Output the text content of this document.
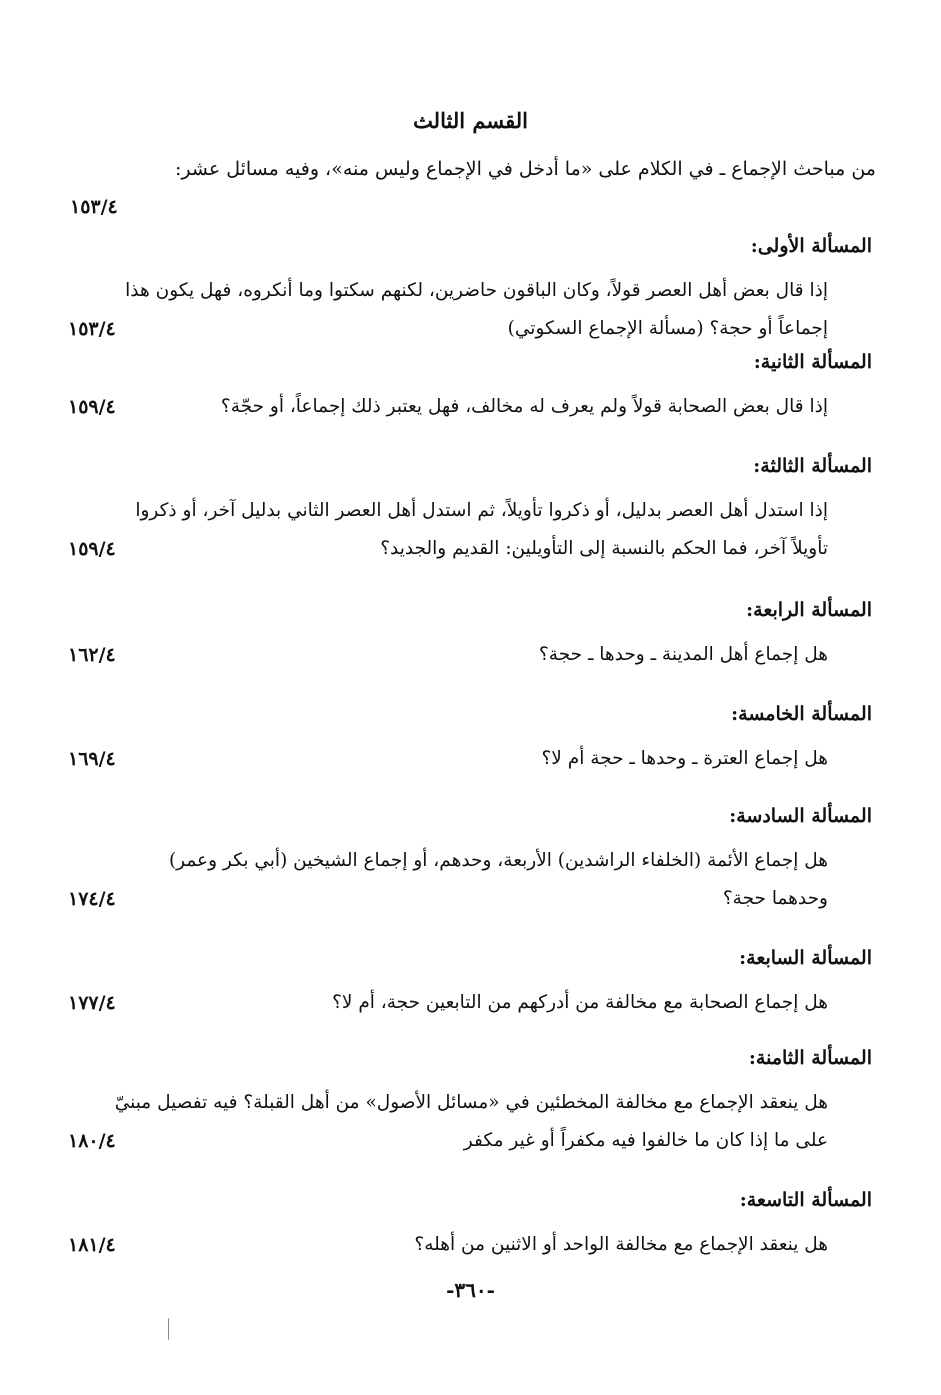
القسم الثالث
من مباحث الإجماع ـ في الكلام على «ما أدخل في الإجماع وليس منه»، وفيه مسائل عشر:
١٥٣/٤
المسألة الأولى:
إذا قال بعض أهل العصر قولاً، وكان الباقون حاضرين، لكنهم سكتوا وما أنكروه، فهل يكون هذا إجماعاً أو حجة؟ (مسألة الإجماع السكوتي)
١٥٣/٤
المسألة الثانية:
إذا قال بعض الصحابة قولاً ولم يعرف له مخالف، فهل يعتبر ذلك إجماعاً، أو حجّة؟
١٥٩/٤
المسألة الثالثة:
إذا استدل أهل العصر بدليل، أو ذكروا تأويلاً، ثم استدل أهل العصر الثاني بدليل آخر، أو ذكروا تأويلاً آخر، فما الحكم بالنسبة إلى التأويلين: القديم والجديد؟
١٥٩/٤
المسألة الرابعة:
هل إجماع أهل المدينة ـ وحدها ـ حجة؟
١٦٢/٤
المسألة الخامسة:
هل إجماع العترة ـ وحدها ـ حجة أم لا؟
١٦٩/٤
المسألة السادسة:
هل إجماع الأئمة (الخلفاء الراشدين) الأربعة، وحدهم، أو إجماع الشيخين (أبي بكر وعمر) وحدهما حجة؟
١٧٤/٤
المسألة السابعة:
هل إجماع الصحابة مع مخالفة من أدركهم من التابعين حجة، أم لا؟
١٧٧/٤
المسألة الثامنة:
هل ينعقد الإجماع مع مخالفة المخطئين في «مسائل الأصول» من أهل القبلة؟ فيه تفصيل مبنيّ على ما إذا كان ما خالفوا فيه مكفراً أو غير مكفر
١٨٠/٤
المسألة التاسعة:
هل ينعقد الإجماع مع مخالفة الواحد أو الاثنين من أهله؟
١٨١/٤
-٣٦٠-
